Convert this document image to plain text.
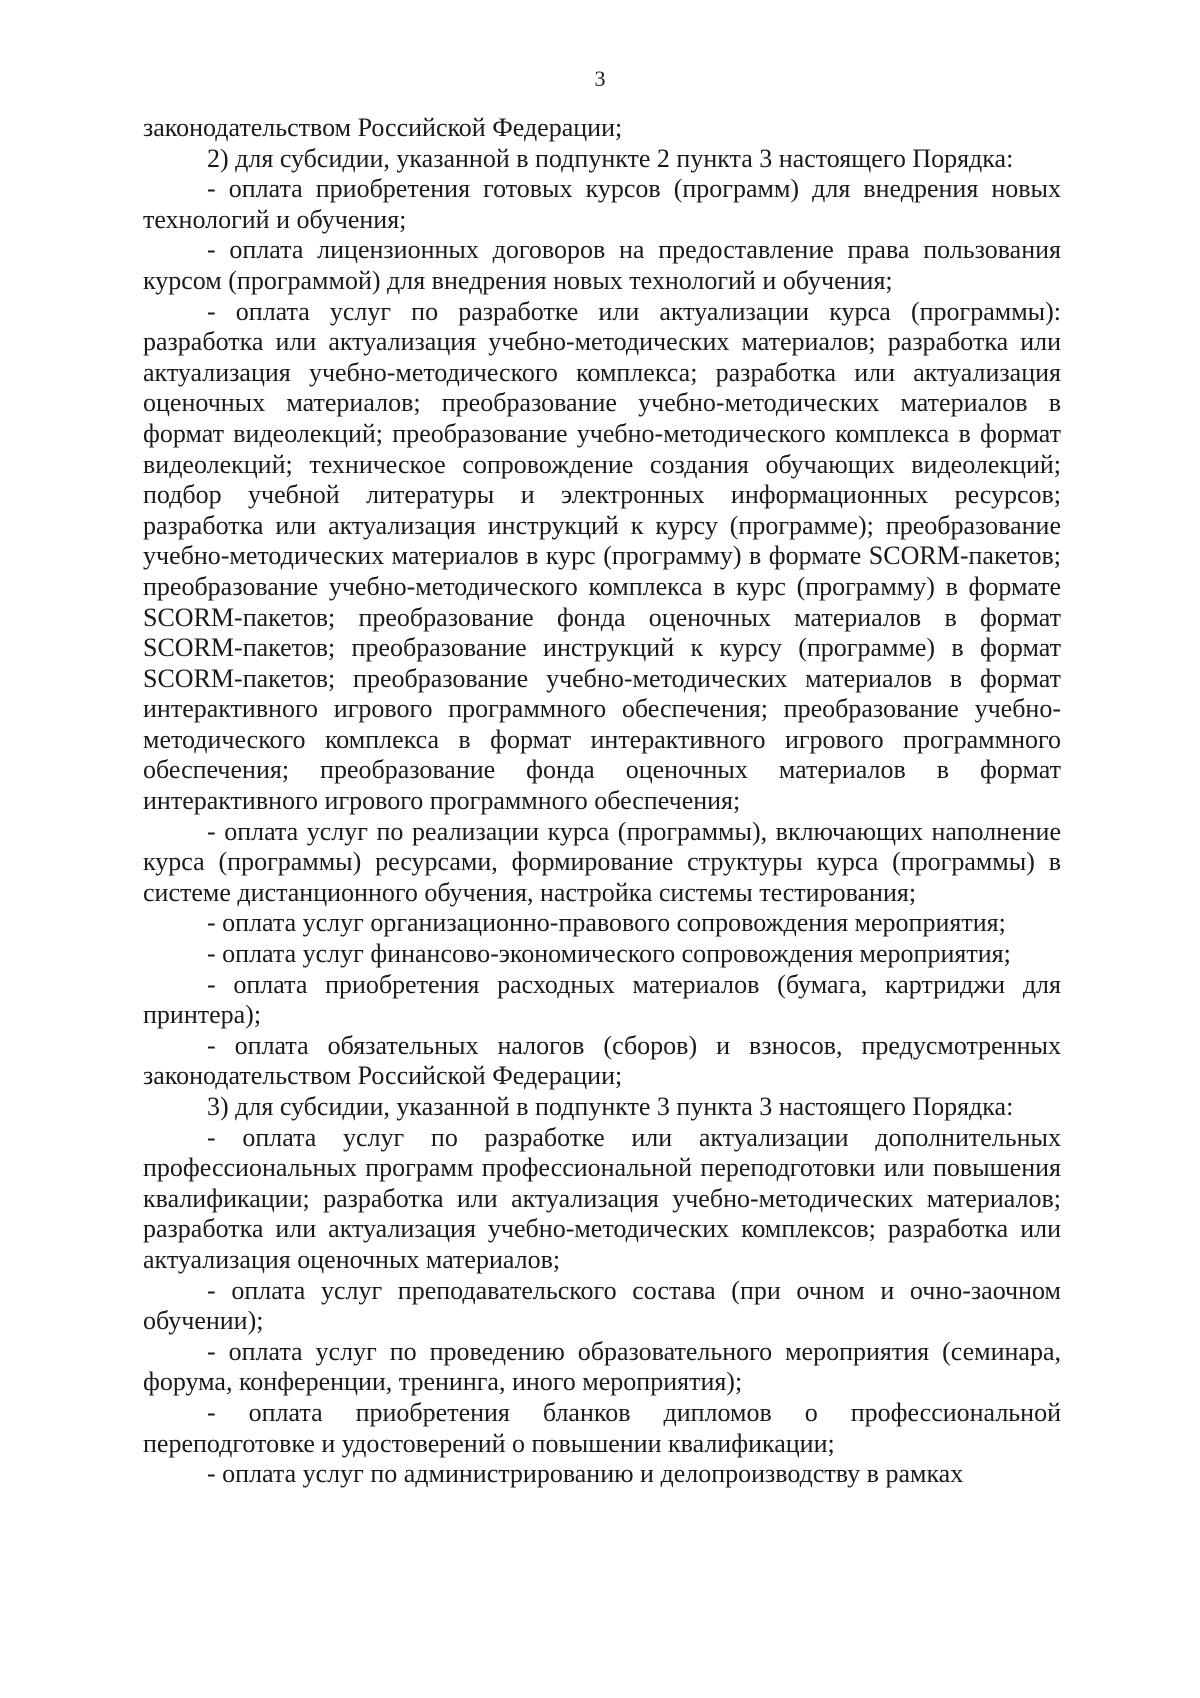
3

законодательством Российской Федерации;

2) для субсидии, указанной в подпункте 2 пункта 3 настоящего Порядка:

- оплата приобретения готовых курсов (программ) для внедрения новых технологий и обучения;

- оплата лицензионных договоров на предоставление права пользования курсом (программой) для внедрения новых технологий и обучения;

- оплата услуг по разработке или актуализации курса (программы): разработка или актуализация учебно-методических материалов; разработка или актуализация учебно-методического комплекса; разработка или актуализация оценочных материалов; преобразование учебно-методических материалов в формат видеолекций; преобразование учебно-методического комплекса в формат видеолекций; техническое сопровождение создания обучающих видеолекций; подбор учебной литературы и электронных информационных ресурсов; разработка или актуализация инструкций к курсу (программе); преобразование учебно-методических материалов в курс (программу) в формате SCORM-пакетов; преобразование учебно-методического комплекса в курс (программу) в формате SCORM-пакетов; преобразование фонда оценочных материалов в формат SCORM-пакетов; преобразование инструкций к курсу (программе) в формат SCORM-пакетов; преобразование учебно-методических материалов в формат интерактивного игрового программного обеспечения; преобразование учебно-методического комплекса в формат интерактивного игрового программного обеспечения; преобразование фонда оценочных материалов в формат интерактивного игрового программного обеспечения;

- оплата услуг по реализации курса (программы), включающих наполнение курса (программы) ресурсами, формирование структуры курса (программы) в системе дистанционного обучения, настройка системы тестирования;

- оплата услуг организационно-правового сопровождения мероприятия;

- оплата услуг финансово-экономического сопровождения мероприятия;

- оплата приобретения расходных материалов (бумага, картриджи для принтера);

- оплата обязательных налогов (сборов) и взносов, предусмотренных законодательством Российской Федерации;

3) для субсидии, указанной в подпункте 3 пункта 3 настоящего Порядка:

- оплата услуг по разработке или актуализации дополнительных профессиональных программ профессиональной переподготовки или повышения квалификации; разработка или актуализация учебно-методических материалов; разработка или актуализация учебно-методических комплексов; разработка или актуализация оценочных материалов;

- оплата услуг преподавательского состава (при очном и очно-заочном обучении);

- оплата услуг по проведению образовательного мероприятия (семинара, форума, конференции, тренинга, иного мероприятия);

- оплата приобретения бланков дипломов о профессиональной переподготовке и удостоверений о повышении квалификации;

- оплата услуг по администрированию и делопроизводству в рамках
